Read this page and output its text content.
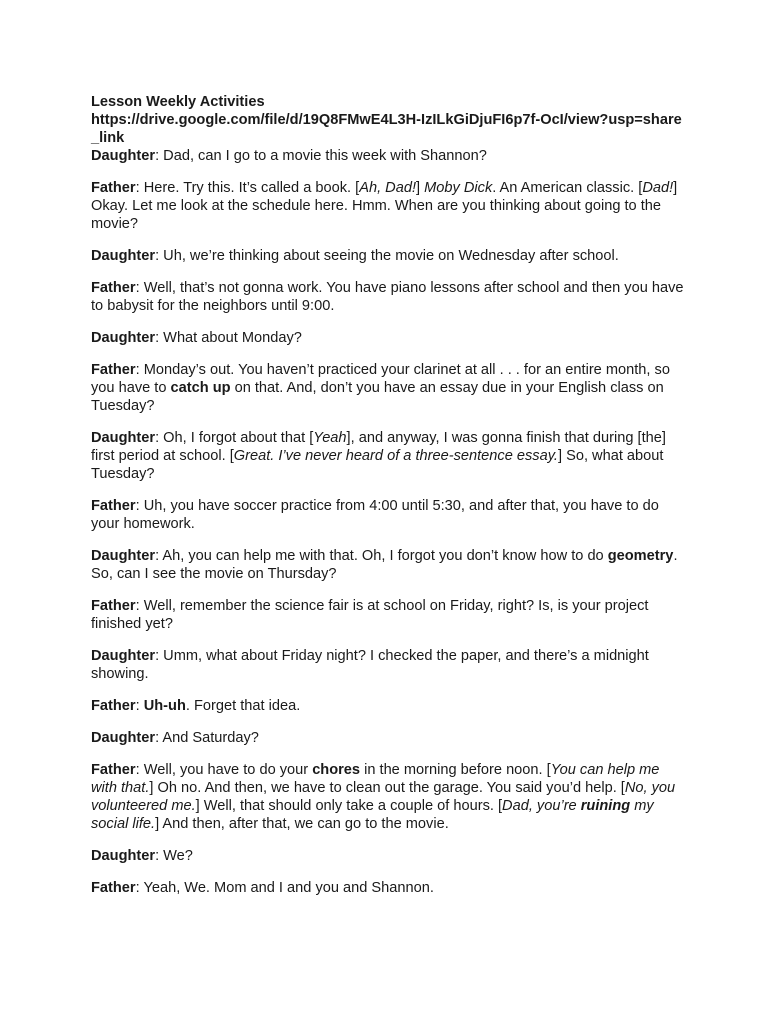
Lesson Weekly Activities

https://drive.google.com/file/d/19Q8FMwE4L3H-IzILkGiDjuFI6p7f-OcI/view?usp=share_link

Daughter: Dad, can I go to a movie this week with Shannon?

Father: Here. Try this. It’s called a book. [Ah, Dad!] Moby Dick. An American classic. [Dad!] Okay. Let me look at the schedule here. Hmm. When are you thinking about going to the movie?

Daughter: Uh, we’re thinking about seeing the movie on Wednesday after school.

Father: Well, that’s not gonna work. You have piano lessons after school and then you have to babysit for the neighbors until 9:00.

Daughter: What about Monday?

Father: Monday’s out. You haven’t practiced your clarinet at all . . . for an entire month, so you have to catch up on that. And, don’t you have an essay due in your English class on Tuesday?

Daughter: Oh, I forgot about that [Yeah], and anyway, I was gonna finish that during [the] first period at school. [Great. I’ve never heard of a three-sentence essay.] So, what about Tuesday?

Father: Uh, you have soccer practice from 4:00 until 5:30, and after that, you have to do your homework.

Daughter: Ah, you can help me with that. Oh, I forgot you don’t know how to do geometry. So, can I see the movie on Thursday?

Father: Well, remember the science fair is at school on Friday, right? Is, is your project finished yet?

Daughter: Umm, what about Friday night? I checked the paper, and there’s a midnight showing.

Father: Uh-uh. Forget that idea.

Daughter: And Saturday?

Father: Well, you have to do your chores in the morning before noon. [You can help me with that.] Oh no. And then, we have to clean out the garage. You said you’d help. [No, you volunteered me.] Well, that should only take a couple of hours. [Dad, you’re ruining my social life.] And then, after that, we can go to the movie.

Daughter: We?

Father: Yeah, We. Mom and I and you and Shannon.
